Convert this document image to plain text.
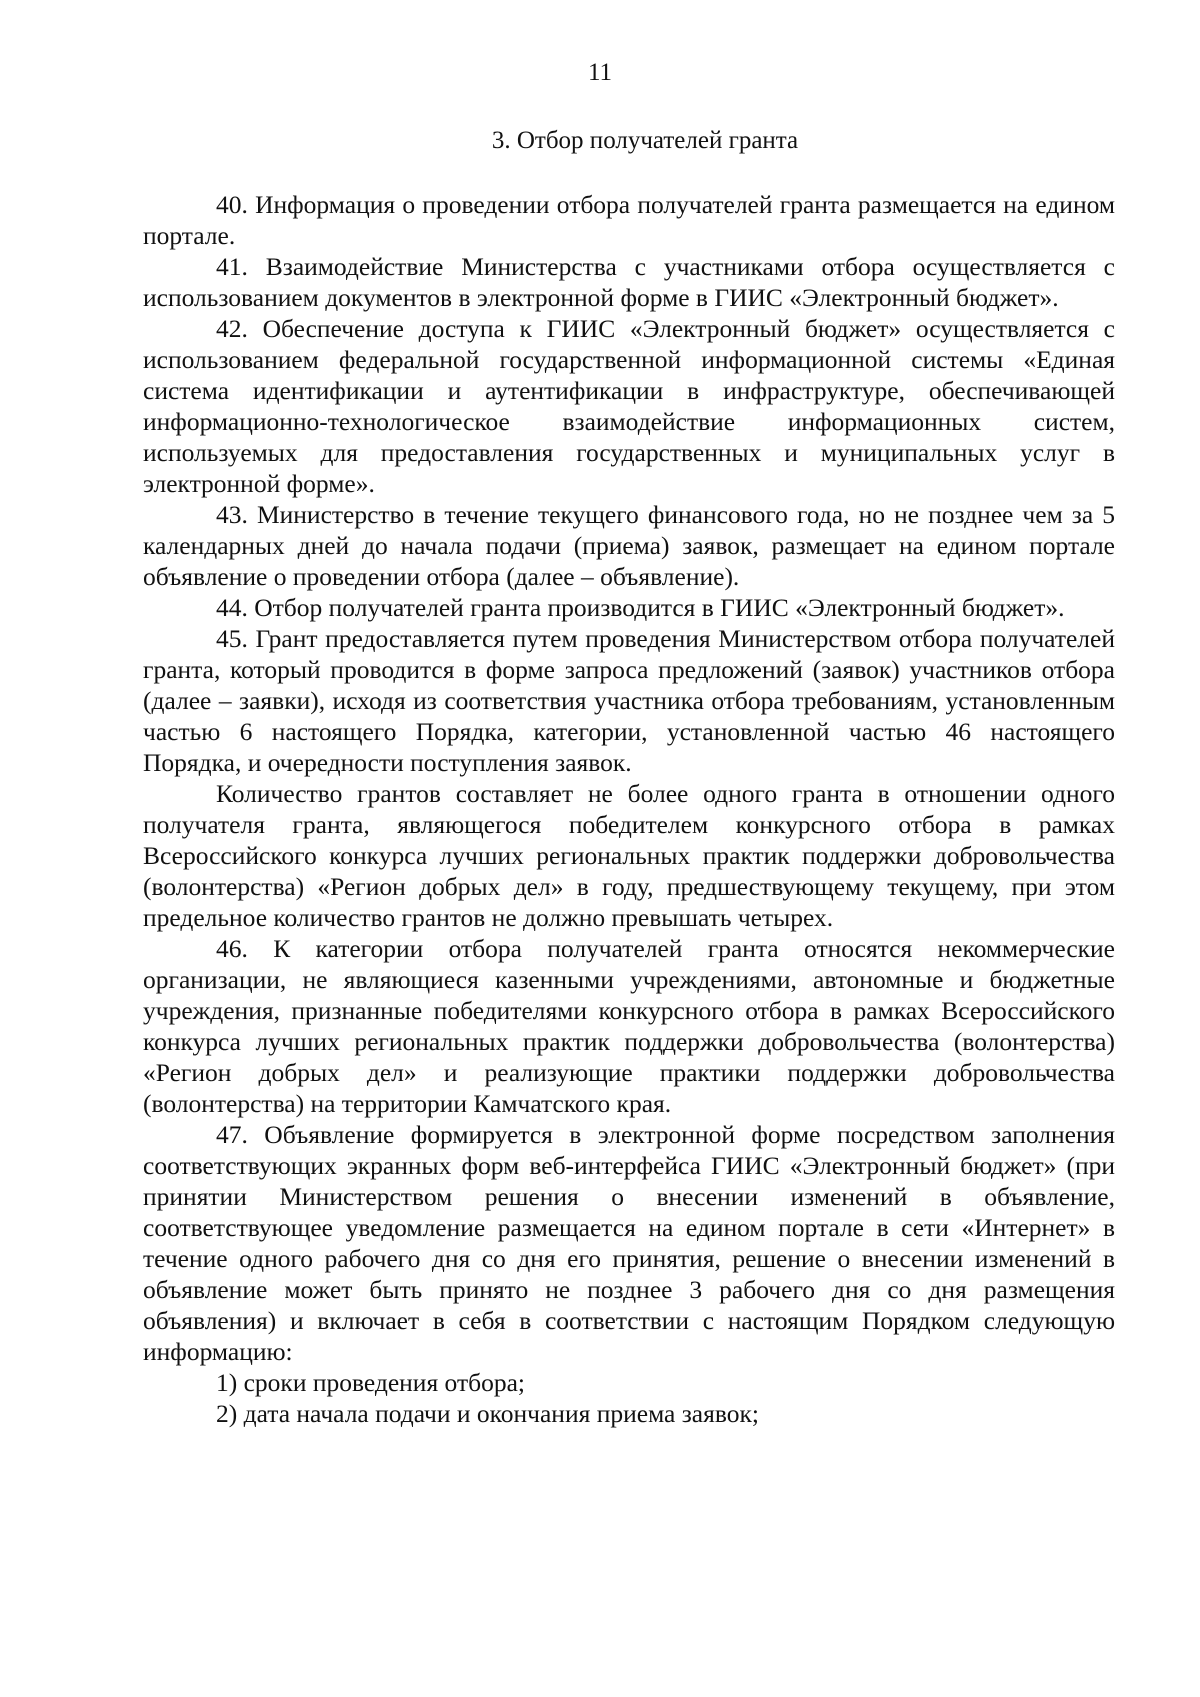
11
3. Отбор получателей гранта

40. Информация о проведении отбора получателей гранта размещается на едином портале.

41. Взаимодействие Министерства с участниками отбора осуществляется с использованием документов в электронной форме в ГИИС «Электронный бюджет».

42. Обеспечение доступа к ГИИС «Электронный бюджет» осуществляется с использованием федеральной государственной информационной системы «Единая система идентификации и аутентификации в инфраструктуре, обеспечивающей информационно-технологическое взаимодействие информационных систем, используемых для предоставления государственных и муниципальных услуг в электронной форме».

43. Министерство в течение текущего финансового года, но не позднее чем за 5 календарных дней до начала подачи (приема) заявок, размещает на едином портале объявление о проведении отбора (далее – объявление).

44. Отбор получателей гранта производится в ГИИС «Электронный бюджет».

45. Грант предоставляется путем проведения Министерством отбора получателей гранта, который проводится в форме запроса предложений (заявок) участников отбора (далее – заявки), исходя из соответствия участника отбора требованиям, установленным частью 6 настоящего Порядка, категории, установленной частью 46 настоящего Порядка, и очередности поступления заявок.

Количество грантов составляет не более одного гранта в отношении одного получателя гранта, являющегося победителем конкурсного отбора в рамках Всероссийского конкурса лучших региональных практик поддержки добровольчества (волонтерства) «Регион добрых дел» в году, предшествующему текущему, при этом предельное количество грантов не должно превышать четырех.

46. К категории отбора получателей гранта относятся некоммерческие организации, не являющиеся казенными учреждениями, автономные и бюджетные учреждения, признанные победителями конкурсного отбора в рамках Всероссийского конкурса лучших региональных практик поддержки добровольчества (волонтерства) «Регион добрых дел» и реализующие практики поддержки добровольчества (волонтерства) на территории Камчатского края.

47. Объявление формируется в электронной форме посредством заполнения соответствующих экранных форм веб-интерфейса ГИИС «Электронный бюджет» (при принятии Министерством решения о внесении изменений в объявление, соответствующее уведомление размещается на едином портале в сети «Интернет» в течение одного рабочего дня со дня его принятия, решение о внесении изменений в объявление может быть принято не позднее 3 рабочего дня со дня размещения объявления) и включает в себя в соответствии с настоящим Порядком следующую информацию:

1) сроки проведения отбора;

2) дата начала подачи и окончания приема заявок;
